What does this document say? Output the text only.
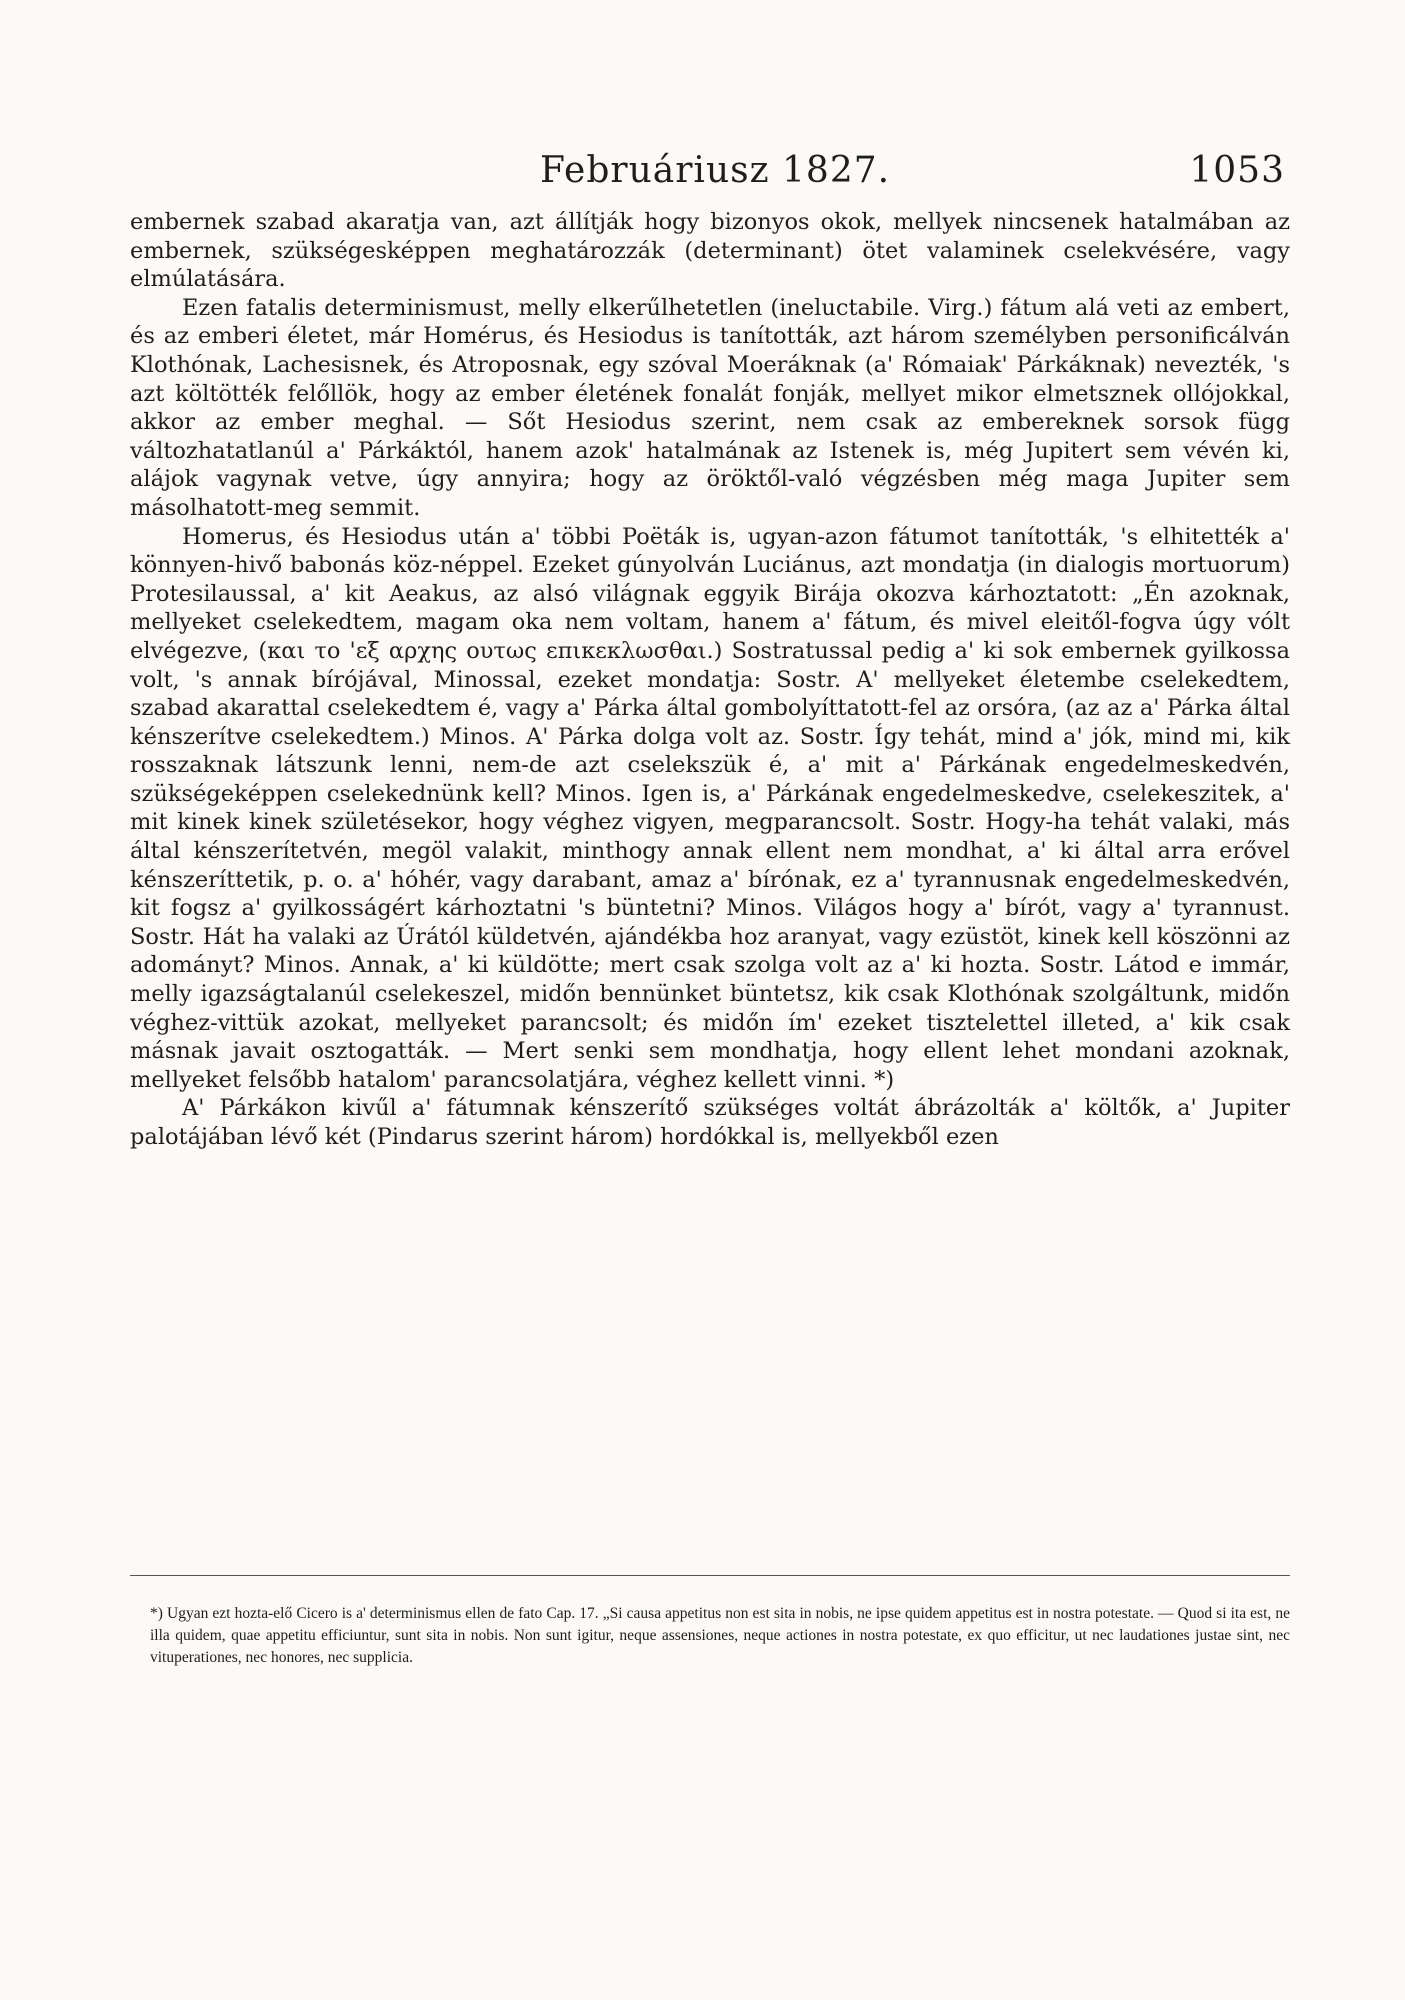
Februáriusz 1827.	1053

embernek szabad akaratja van, azt állítják hogy bizonyos okok, mellyek nincsenek hatalmában az embernek, szükségesképpen meghatározzák (determinant) ötet valaminek cselekvésére, vagy elmúlatására.

Ezen fatalis determinismust, melly elkerűlhetetlen (ineluctabile. Virg.) fátum alá veti az embert, és az emberi életet, már Homérus, és Hesiodus is tanították, azt három személyben personificálván Klothónak, Lachesisnek, és Atroposnak, egy szóval Moeráknak (a' Rómaiak' Párkáknak) nevezték, 's azt költötték felőllök, hogy az ember életének fonalát fonják, mellyet mikor elmetsznek ollójokkal, akkor az ember meghal. — Sőt Hesiodus szerint, nem csak az embereknek sorsok függ változhatatlanúl a' Párkáktól, hanem azok' hatalmának az Istenek is, még Jupitert sem vévén ki, alájok vagynak vetve, úgy annyira; hogy az öröktől-való végzésben még maga Jupiter sem másolhatott-meg semmit.

Homerus, és Hesiodus után a' többi Poëták is, ugyan-azon fátumot tanították, 's elhitették a' könnyen-hivő babonás köz-néppel. Ezeket gúnyolván Luciánus, azt mondatja (in dialogis mortuorum) Protesilaussal, a' kit Aeakus, az alsó világnak eggyik Birája okozva kárhoztatott: „Én azoknak, mellyeket cselekedtem, magam oka nem voltam, hanem a' fátum, és mivel eleitől-fogva úgy vólt elvégezve, (και το 'εξ αρχης ουτως επικεκλωσθαι.) Sostratussal pedig a' ki sok embernek gyilkossa volt, 's annak bírójával, Minossal, ezeket mondatja: Sostr. A' mellyeket életembe cselekedtem, szabad akarattal cselekedtem é, vagy a' Párka által gombolyíttatott-fel az orsóra, (az az a' Párka által kénszerítve cselekedtem.) Minos. A' Párka dolga volt az. Sostr. Így tehát, mind a' jók, mind mi, kik rosszaknak látszunk lenni, nem-de azt cselekszük é, a' mit a' Párkának engedelmeskedvén, szükségeképpen cselekednünk kell? Minos. Igen is, a' Párkának engedelmeskedve, cselekeszitek, a' mit kinek kinek születésekor, hogy véghez vigyen, megparancsolt. Sostr. Hogy-ha tehát valaki, más által kénszerítetvén, megöl valakit, minthogy annak ellent nem mondhat, a' ki által arra erővel kénszeríttetik, p. o. a' hóhér, vagy darabant, amaz a' bírónak, ez a' tyrannusnak engedelmeskedvén, kit fogsz a' gyilkosságért kárhoztatni 's büntetni? Minos. Világos hogy a' bírót, vagy a' tyrannust. Sostr. Hát ha valaki az Úrától küldetvén, ajándékba hoz aranyat, vagy ezüstöt, kinek kell köszönni az adományt? Minos. Annak, a' ki küldötte; mert csak szolga volt az a' ki hozta. Sostr. Látod e immár, melly igazságtalanúl cselekeszel, midőn bennünket büntetsz, kik csak Klothónak szolgáltunk, midőn véghez-vittük azokat, mellyeket parancsolt; és midőn ím' ezeket tisztelettel illeted, a' kik csak másnak javait osztogatták. — Mert senki sem mondhatja, hogy ellent lehet mondani azoknak, mellyeket felsőbb hatalom' parancsolatjára, véghez kellett vinni. *)

A' Párkákon kivűl a' fátumnak kénszerítő szükséges voltát ábrázolták a' költők, a' Jupiter palotájában lévő két (Pindarus szerint három) hordókkal is, mellyekből ezen

*) Ugyan ezt hozta-elő Cicero is a' determinismus ellen de fato Cap. 17. „Si causa appetitus non est sita in nobis, ne ipse quidem appetitus est in nostra potestate. — Quod si ita est, ne illa quidem, quae appetitu efficiuntur, sunt sita in nobis. Non sunt igitur, neque assensiones, neque actiones in nostra potestate, ex quo efficitur, ut nec laudationes justae sint, nec vituperationes, nec honores, nec supplicia.
